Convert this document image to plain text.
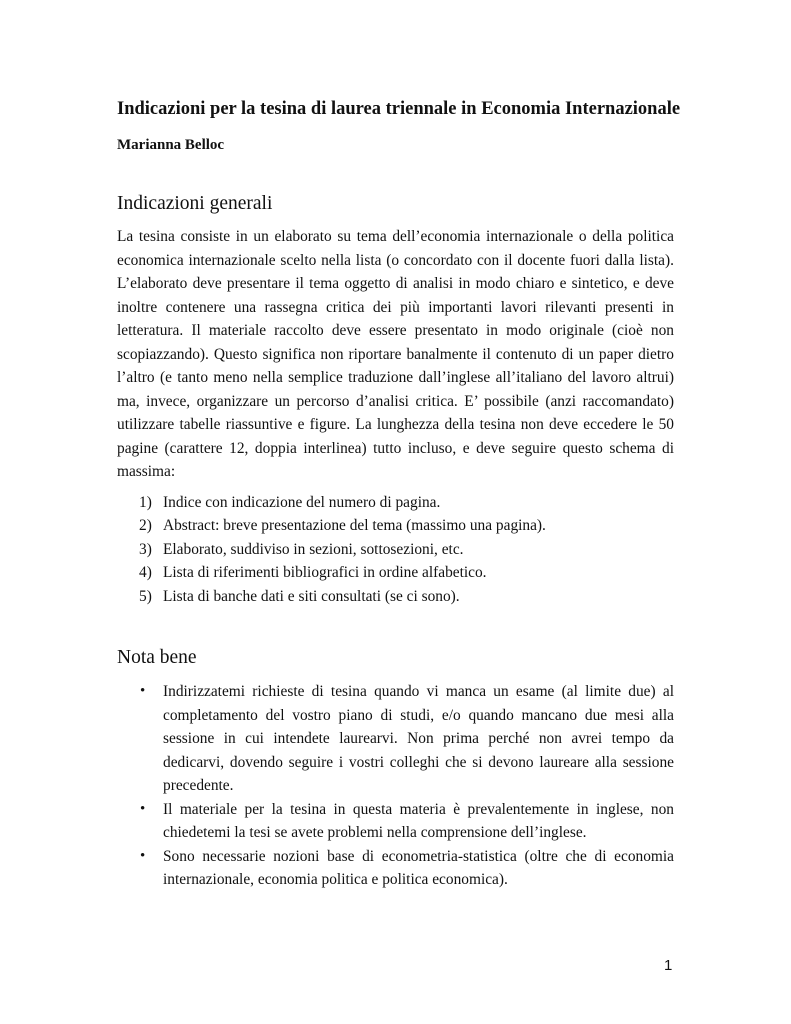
Indicazioni per la tesina di laurea triennale in Economia Internazionale

Marianna Belloc

Indicazioni generali

La tesina consiste in un elaborato su tema dell’economia internazionale o della politica economica internazionale scelto nella lista (o concordato con il docente fuori dalla lista). L’elaborato deve presentare il tema oggetto di analisi in modo chiaro e sintetico, e deve inoltre contenere una rassegna critica dei più importanti lavori rilevanti presenti in letteratura. Il materiale raccolto deve essere presentato in modo originale (cioè non scopiazzando). Questo significa non riportare banalmente il contenuto di un paper dietro l’altro (e tanto meno nella semplice traduzione dall’inglese all’italiano del lavoro altrui) ma, invece, organizzare un percorso d’analisi critica. E’ possibile (anzi raccomandato) utilizzare tabelle riassuntive e figure. La lunghezza della tesina non deve eccedere le 50 pagine (carattere 12, doppia interlinea) tutto incluso, e deve seguire questo schema di massima:

1) Indice con indicazione del numero di pagina.
2) Abstract: breve presentazione del tema (massimo una pagina).
3) Elaborato, suddiviso in sezioni, sottosezioni, etc.
4) Lista di riferimenti bibliografici in ordine alfabetico.
5) Lista di banche dati e siti consultati (se ci sono).
Nota bene
• Indirizzatemi richieste di tesina quando vi manca un esame (al limite due) al completamento del vostro piano di studi, e/o quando mancano due mesi alla sessione in cui intendete laurearvi. Non prima perché non avrei tempo da dedicarvi, dovendo seguire i vostri colleghi che si devono laureare alla sessione precedente.
• Il materiale per la tesina in questa materia è prevalentemente in inglese, non chiedetemi la tesi se avete problemi nella comprensione dell’inglese.
• Sono necessarie nozioni base di econometria-statistica (oltre che di economia internazionale, economia politica e politica economica).
1
